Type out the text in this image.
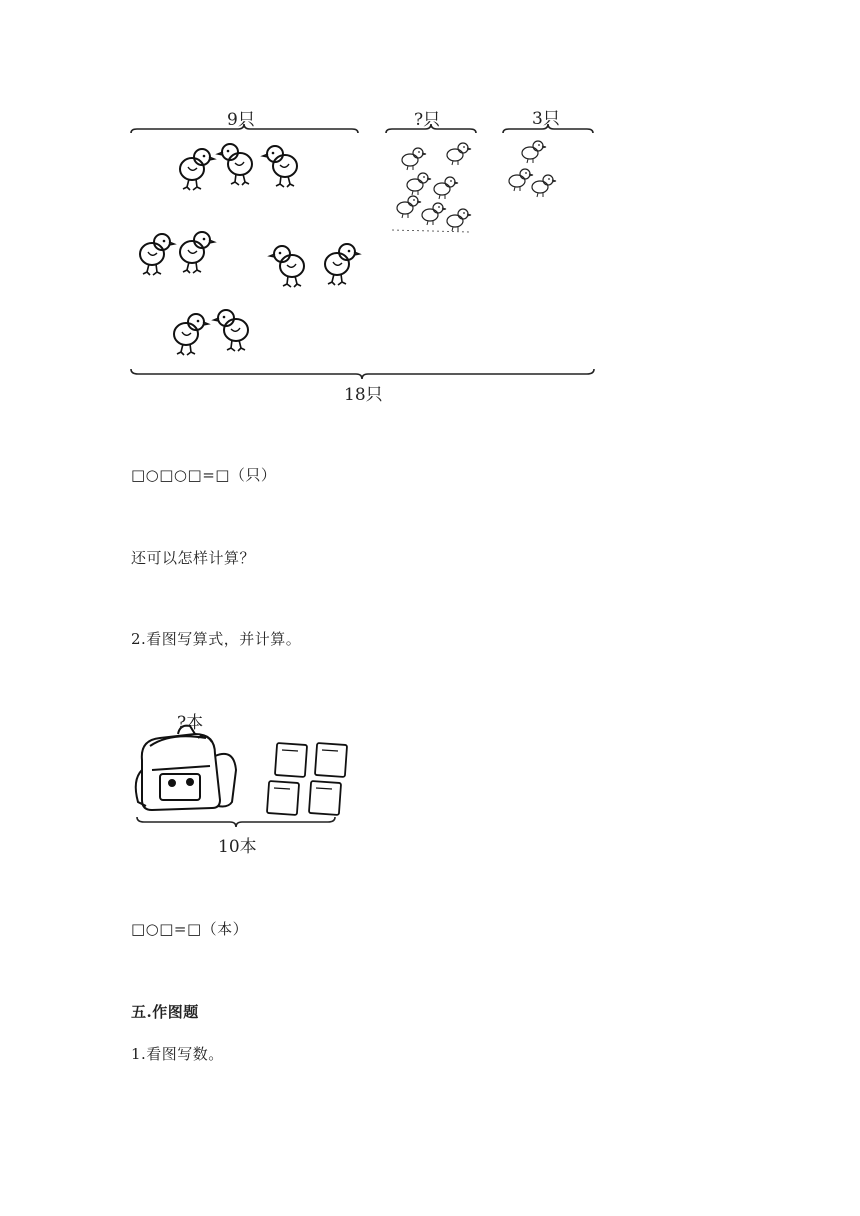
9只	?只	3只
18只
□○□○□=□（只）
还可以怎样计算？
2.看图写算式，并计算。
?本
10本
□○□=□（本）
五.作图题
1.看图写数。
